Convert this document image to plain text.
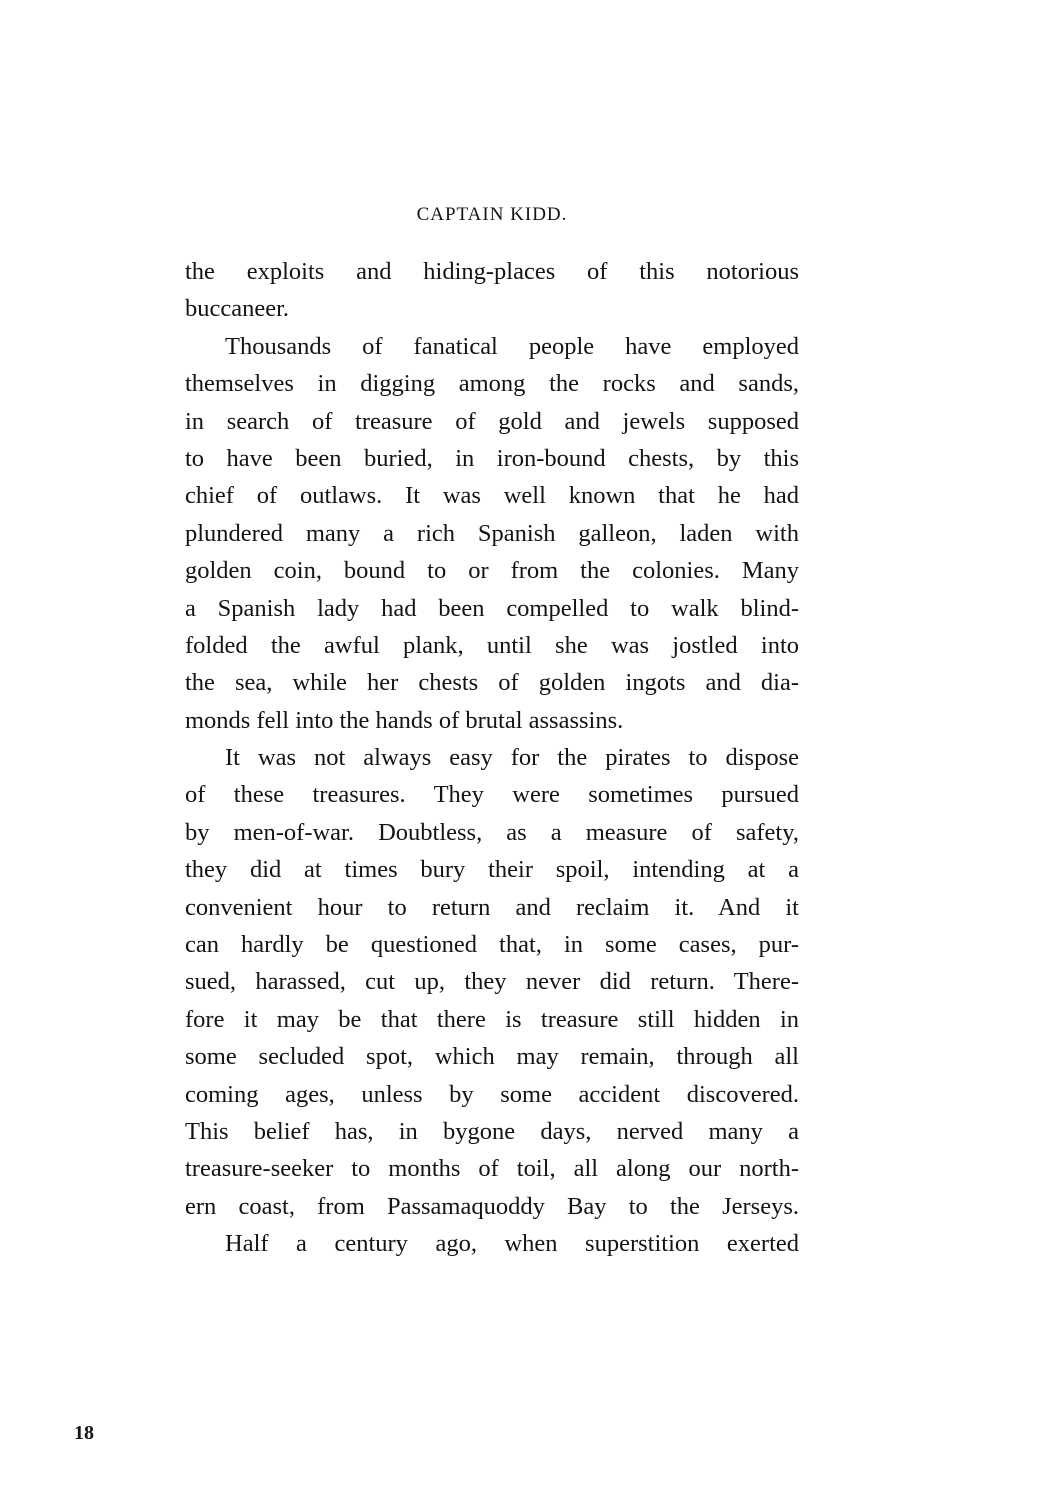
CAPTAIN KIDD.
the exploits and hiding-places of this notorious
buccaneer.
Thousands of fanatical people have employed
themselves in digging among the rocks and sands,
in search of treasure of gold and jewels supposed
to have been buried, in iron-bound chests, by this
chief of outlaws. It was well known that he had
plundered many a rich Spanish galleon, laden with
golden coin, bound to or from the colonies. Many
a Spanish lady had been compelled to walk blind-
folded the awful plank, until she was jostled into
the sea, while her chests of golden ingots and dia-
monds fell into the hands of brutal assassins.
It was not always easy for the pirates to dispose
of these treasures. They were sometimes pursued
by men-of-war. Doubtless, as a measure of safety,
they did at times bury their spoil, intending at a
convenient hour to return and reclaim it. And it
can hardly be questioned that, in some cases, pur-
sued, harassed, cut up, they never did return. There-
fore it may be that there is treasure still hidden in
some secluded spot, which may remain, through all
coming ages, unless by some accident discovered.
This belief has, in bygone days, nerved many a
treasure-seeker to months of toil, all along our north-
ern coast, from Passamaquoddy Bay to the Jerseys.
Half a century ago, when superstition exerted
18
